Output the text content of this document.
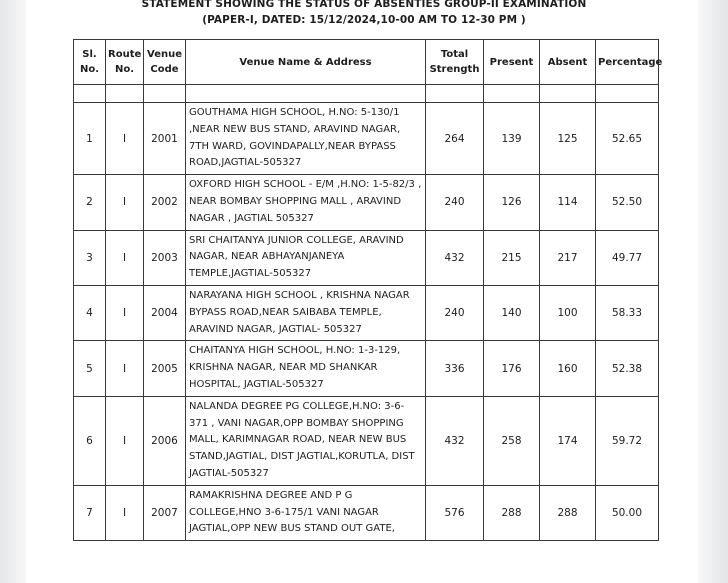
STATEMENT SHOWING THE STATUS OF ABSENTIES GROUP-II EXAMINATION
(PAPER-I, DATED: 15/12/2024,10-00 AM TO 12-30 PM )
Sl. No.	Route No.	Venue Code	Venue Name & Address	Total Strength	Present	Absent	Percentage

1	I	2001	GOUTHAMA HIGH SCHOOL, H.NO: 5-130/1 ,NEAR NEW BUS STAND, ARAVIND NAGAR, 7TH WARD, GOVINDAPALLY,NEAR BYPASS ROAD,JAGTIAL-505327	264	139	125	52.65
2	I	2002	OXFORD HIGH SCHOOL - E/M ,H.NO: 1-5-82/3 , NEAR BOMBAY SHOPPING MALL , ARAVIND NAGAR , JAGTIAL 505327	240	126	114	52.50
3	I	2003	SRI CHAITANYA JUNIOR COLLEGE, ARAVIND NAGAR, NEAR ABHAYANJANEYA TEMPLE,JAGTIAL-505327	432	215	217	49.77
4	I	2004	NARAYANA HIGH SCHOOL , KRISHNA NAGAR BYPASS ROAD,NEAR SAIBABA TEMPLE, ARAVIND NAGAR, JAGTIAL- 505327	240	140	100	58.33
5	I	2005	CHAITANYA HIGH SCHOOL, H.NO: 1-3-129, KRISHNA NAGAR, NEAR MD SHANKAR HOSPITAL, JAGTIAL-505327	336	176	160	52.38
6	I	2006	NALANDA DEGREE PG COLLEGE,H.NO: 3-6-371 , VANI NAGAR,OPP BOMBAY SHOPPING MALL, KARIMNAGAR ROAD, NEAR NEW BUS STAND,JAGTIAL, DIST JAGTIAL,KORUTLA, DIST JAGTIAL-505327	432	258	174	59.72
7	I	2007	RAMAKRISHNA DEGREE AND P G COLLEGE,HNO 3-6-175/1 VANI NAGAR JAGTIAL,OPP NEW BUS STAND OUT GATE,	576	288	288	50.00
